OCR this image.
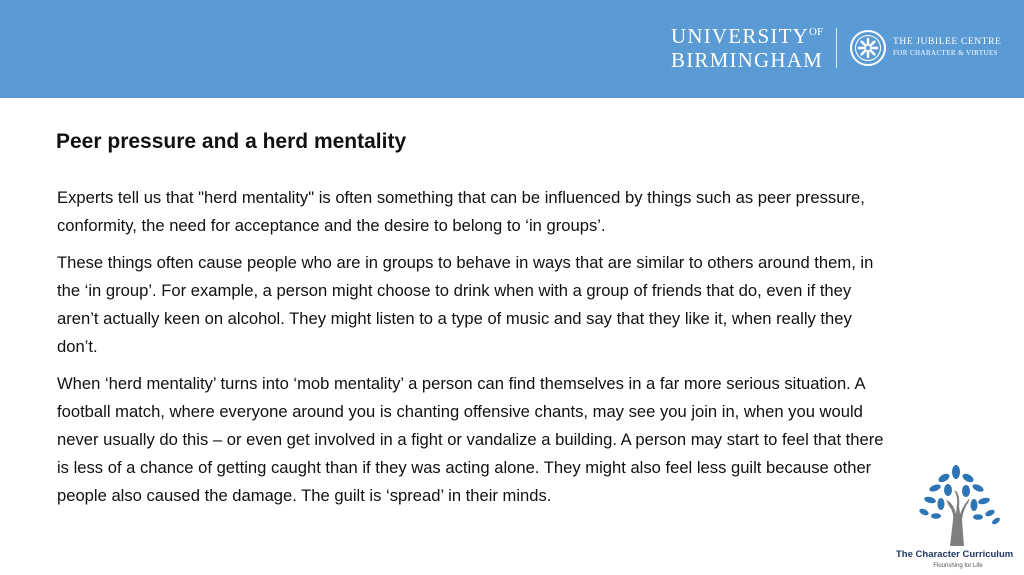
$UNIVERSITY^{OF}$
BIRMINGHAM
THE JUBILEE CENTRE
FOR CHARACTER & VIRTUES
Peer pressure and a herd mentality

Experts tell us that "herd mentality" is often something that can be influenced by things such as peer pressure, conformity, the need for acceptance and the desire to belong to ‘in groups’.

These things often cause people who are in groups to behave in ways that are similar to others around them, in the ‘in group’. For example, a person might choose to drink when with a group of friends that do, even if they aren’t actually keen on alcohol. They might listen to a type of music and say that they like it, when really they don’t.

When ‘herd mentality’ turns into ‘mob mentality’ a person can find themselves in a far more serious situation. A football match, where everyone around you is chanting offensive chants, may see you join in, when you would never usually do this – or even get involved in a fight or vandalize a building. A person may start to feel that there is less of a chance of getting caught than if they was acting alone. They might also feel less guilt because other people also caused the damage. The guilt is ‘spread’ in their minds.

The Character Curriculum
Flourishing for Life
